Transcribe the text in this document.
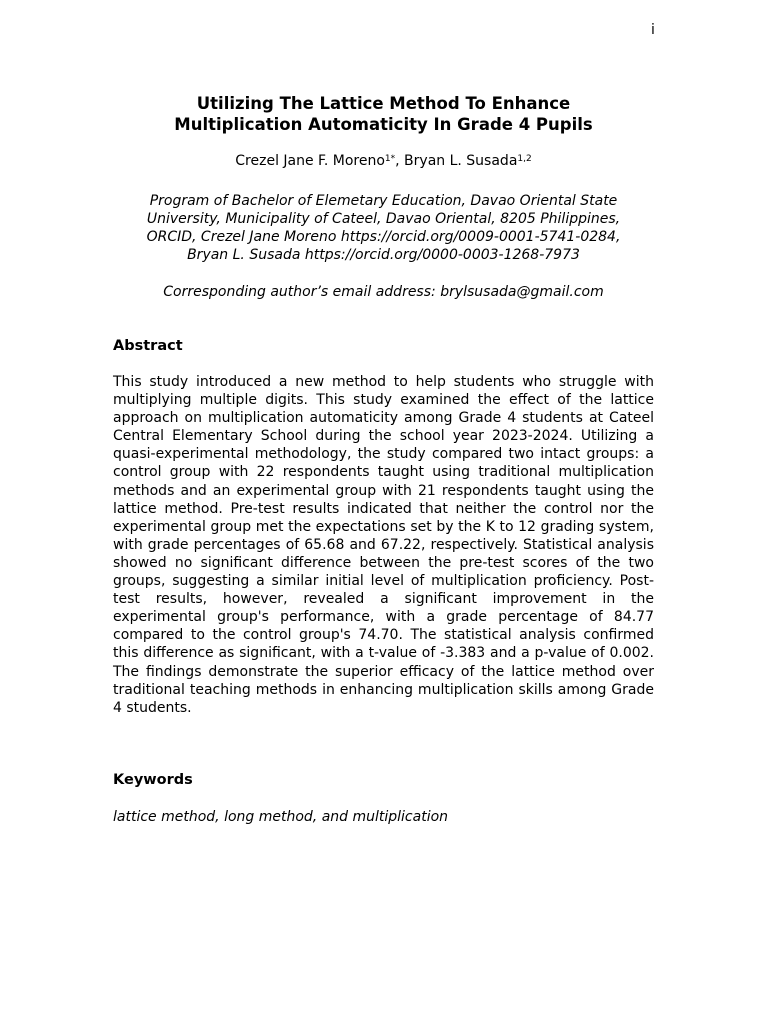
i
Utilizing The Lattice Method To Enhance
Multiplication Automaticity In Grade 4 Pupils
Crezel Jane F. Moreno$^{1*}$, Bryan L. Susada$^{1,2}$
Program of Bachelor of Elemetary Education, Davao Oriental State
University, Municipality of Cateel, Davao Oriental, 8205 Philippines,
ORCID, Crezel Jane Moreno https://orcid.org/0009-0001-5741-0284,
Bryan L. Susada https://orcid.org/0000-0003-1268-7973
Corresponding author’s email address: brylsusada@gmail.com
Abstract
This study introduced a new method to help students who struggle with multiplying multiple digits. This study examined the effect of the lattice approach on multiplication automaticity among Grade 4 students at Cateel Central Elementary School during the school year 2023-2024. Utilizing a quasi-experimental methodology, the study compared two intact groups: a control group with 22 respondents taught using traditional multiplication methods and an experimental group with 21 respondents taught using the lattice method. Pre-test results indicated that neither the control nor the experimental group met the expectations set by the K to 12 grading system, with grade percentages of 65.68 and 67.22, respectively. Statistical analysis showed no significant difference between the pre-test scores of the two groups, suggesting a similar initial level of multiplication proficiency. Post-test results, however, revealed a significant improvement in the experimental group's performance, with a grade percentage of 84.77 compared to the control group's 74.70. The statistical analysis confirmed this difference as significant, with a t-value of -3.383 and a p-value of 0.002. The findings demonstrate the superior efficacy of the lattice method over traditional teaching methods in enhancing multiplication skills among Grade 4 students.
Keywords
lattice method, long method, and multiplication
